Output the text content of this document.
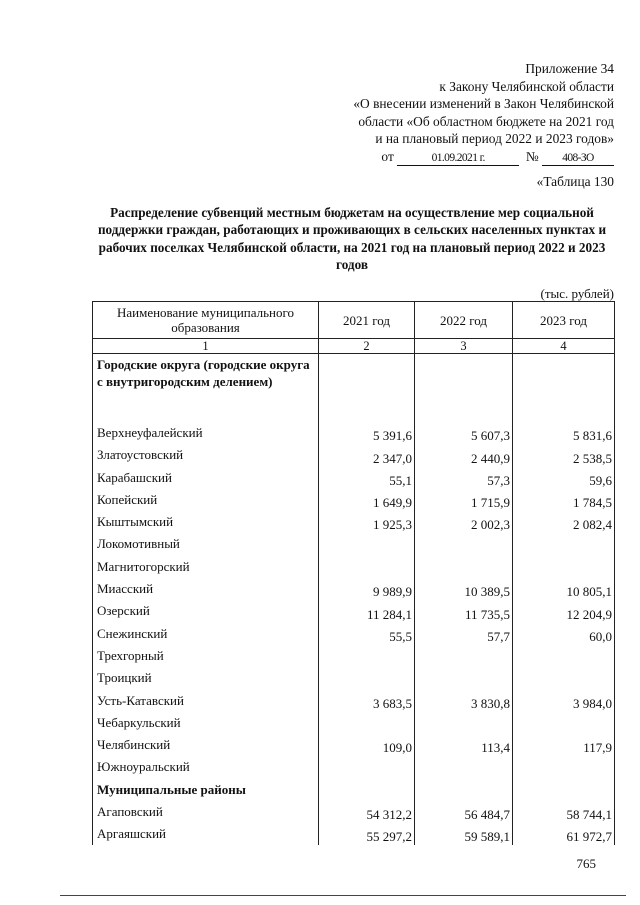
Приложение 34
к Закону Челябинской области
«О внесении изменений в Закон Челябинской
области «Об областном бюджете на 2021 год
и на плановый период 2022 и 2023 годов»
от	01.09.2021 г.	№ 408-ЗО
«Таблица 130
Распределение субвенций местным бюджетам на осуществление мер социальной поддержки граждан, работающих и проживающих в сельских населенных пунктах и рабочих поселках Челябинской области, на 2021 год на плановый период 2022 и 2023 годов
(тыс. рублей)
Наименование муниципального образования	2021 год	2022 год	2023 год
1	2	3	4
Городские округа (городские округа с внутригородским делением)			
Верхнеуфалейский	5 391,6	5 607,3	5 831,6
Златоустовский	2 347,0	2 440,9	2 538,5
Карабашский	55,1	57,3	59,6
Копейский	1 649,9	1 715,9	1 784,5
Кыштымский	1 925,3	2 002,3	2 082,4
Локомотивный			
Магнитогорский			
Миасский	9 989,9	10 389,5	10 805,1
Озерский	11 284,1	11 735,5	12 204,9
Снежинский	55,5	57,7	60,0
Трехгорный			
Троицкий			
Усть-Катавский	3 683,5	3 830,8	3 984,0
Чебаркульский			
Челябинский	109,0	113,4	117,9
Южноуральский			
Муниципальные районы			
Агаповский	54 312,2	56 484,7	58 744,1
Аргаяшский	55 297,2	59 589,1	61 972,7
765
